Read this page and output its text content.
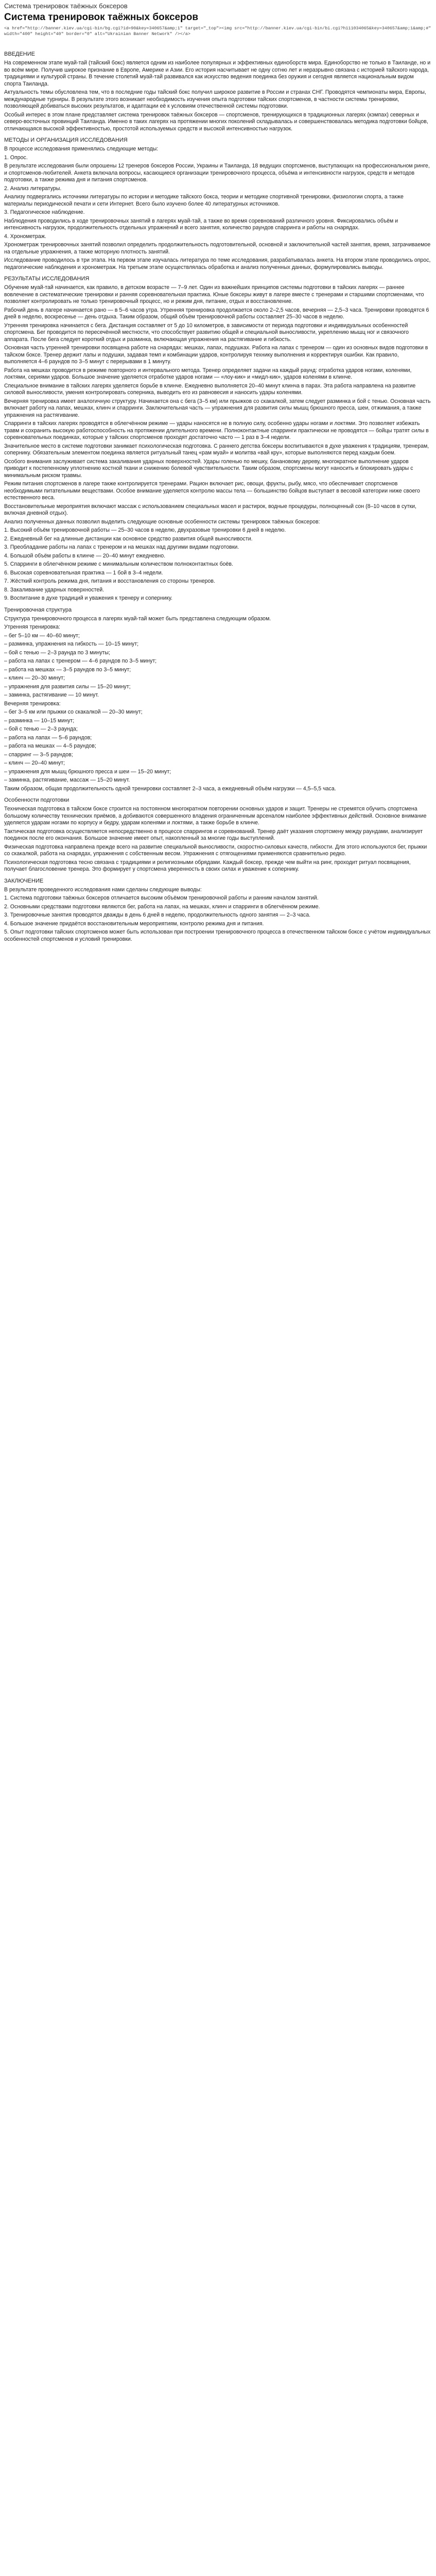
Система тренировок таёжных боксеров
Система тренировок таёжных боксеров
<a href="http://banner.kiev.ua/cgi-bin/bg.cgi?id=90&key=340657&amp;1" target="_top"><img src="http://banner.kiev.ua/cgi-bin/bi.cgi?h111034065&key=340657&amp;1&amp;#" width="400" height="40" border="0" alt="Ukrainian Banner Network" /></a>
ВВЕДЕНИЕ

На современном этапе муай-тай (тайский бокс) является одним из наиболее популярных и эффективных единоборств мира. Единоборство не только в Таиланде, но и во всём мире. Получив широкое признание в Европе, Америке и Азии. Его история насчитывает не одну сотню лет и неразрывно связана с историей тайского народа, традициями и культурой страны. В течение столетий муай-тай развивался как искусство ведения поединка без оружия и сегодня является национальным видом спорта Таиланда.

Актуальность темы обусловлена тем, что в последние годы тайский бокс получил широкое развитие в России и странах СНГ. Проводятся чемпионаты мира, Европы, международные турниры. В результате этого возникает необходимость изучения опыта подготовки тайских спортсменов, в частности системы тренировки, позволяющей добиваться высоких результатов, и адаптации её к условиям отечественной системы подготовки.

Особый интерес в этом плане представляет система тренировок таёжных боксеров — спортсменов, тренирующихся в традиционных лагерях (кэмпах) северных и северо-восточных провинций Таиланда. Именно в таких лагерях на протяжении многих поколений складывалась и совершенствовалась методика подготовки бойцов, отличающаяся высокой эффективностью, простотой используемых средств и высокой интенсивностью нагрузок.

МЕТОДЫ И ОРГАНИЗАЦИЯ ИССЛЕДОВАНИЯ

В процессе исследования применялись следующие методы:

1. Опрос.

В результате исследования были опрошены 12 тренеров боксеров России, Украины и Таиланда, 18 ведущих спортсменов, выступающих на профессиональном ринге, и спортсменов-любителей. Анкета включала вопросы, касающиеся организации тренировочного процесса, объёма и интенсивности нагрузок, средств и методов подготовки, а также режима дня и питания спортсменов.

2. Анализ литературы.

Анализу подвергались источники литературы по истории и методике тайского бокса, теории и методике спортивной тренировки, физиологии спорта, а также материалы периодической печати и сети Интернет. Всего было изучено более 40 литературных источников.

3. Педагогическое наблюдение.

Наблюдения проводились в ходе тренировочных занятий в лагерях муай-тай, а также во время соревнований различного уровня. Фиксировались объём и интенсивность нагрузок, продолжительность отдельных упражнений и всего занятия, количество раундов спарринга и работы на снарядах.

4. Хронометраж.

Хронометраж тренировочных занятий позволил определить продолжительность подготовительной, основной и заключительной частей занятия, время, затрачиваемое на отдельные упражнения, а также моторную плотность занятий.

Исследование проводилось в три этапа. На первом этапе изучалась литература по теме исследования, разрабатывалась анкета. На втором этапе проводились опрос, педагогические наблюдения и хронометраж. На третьем этапе осуществлялась обработка и анализ полученных данных, формулировались выводы.

РЕЗУЛЬТАТЫ ИССЛЕДОВАНИЯ

Обучение муай-тай начинается, как правило, в детском возрасте — 7–9 лет. Один из важнейших принципов системы подготовки в тайских лагерях — раннее вовлечение в систематические тренировки и ранняя соревновательная практика. Юные боксеры живут в лагере вместе с тренерами и старшими спортсменами, что позволяет контролировать не только тренировочный процесс, но и режим дня, питание, отдых и восстановление.

Рабочий день в лагере начинается рано — в 5–6 часов утра. Утренняя тренировка продолжается около 2–2,5 часов, вечерняя — 2,5–3 часа. Тренировки проводятся 6 дней в неделю, воскресенье — день отдыха. Таким образом, общий объём тренировочной работы составляет 25–30 часов в неделю.

Утренняя тренировка начинается с бега. Дистанция составляет от 5 до 10 километров, в зависимости от периода подготовки и индивидуальных особенностей спортсмена. Бег проводится по пересечённой местности, что способствует развитию общей и специальной выносливости, укреплению мышц ног и связочного аппарата. После бега следует короткий отдых и разминка, включающая упражнения на растягивание и гибкость.

Основная часть утренней тренировки посвящена работе на снарядах: мешках, лапах, подушках. Работа на лапах с тренером — один из основных видов подготовки в тайском боксе. Тренер держит лапы и подушки, задавая темп и комбинации ударов, контролируя технику выполнения и корректируя ошибки. Как правило, выполняется 4–6 раундов по 3–5 минут с перерывами в 1 минуту.

Работа на мешках проводится в режиме повторного и интервального метода. Тренер определяет задачи на каждый раунд: отработка ударов ногами, коленями, локтями, сериями ударов. Большое значение уделяется отработке ударов ногами — «лоу-кик» и «мидл-кик», ударов коленями в клинче.

Специальное внимание в тайских лагерях уделяется борьбе в клинче. Ежедневно выполняется 20–40 минут клинча в парах. Эта работа направлена на развитие силовой выносливости, умения контролировать соперника, выводить его из равновесия и наносить удары коленями.

Вечерняя тренировка имеет аналогичную структуру. Начинается она с бега (3–5 км) или прыжков со скакалкой, затем следует разминка и бой с тенью. Основная часть включает работу на лапах, мешках, клинч и спарринги. Заключительная часть — упражнения для развития силы мышц брюшного пресса, шеи, отжимания, а также упражнения на растягивание.

Спарринги в тайских лагерях проводятся в облегчённом режиме — удары наносятся не в полную силу, особенно удары ногами и локтями. Это позволяет избежать травм и сохранить высокую работоспособность на протяжении длительного времени. Полноконтактные спарринги практически не проводятся — бойцы тратят силы в соревновательных поединках, которые у тайских спортсменов проходят достаточно часто — 1 раз в 3–4 недели.

Значительное место в системе подготовки занимает психологическая подготовка. С раннего детства боксеры воспитываются в духе уважения к традициям, тренерам, сопернику. Обязательным элементом поединка является ритуальный танец «рам муай» и молитва «вай кру», которые выполняются перед каждым боем.

Особого внимания заслуживает система закаливания ударных поверхностей. Удары голенью по мешку, банановому дереву, многократное выполнение ударов приводит к постепенному уплотнению костной ткани и снижению болевой чувствительности. Таким образом, спортсмены могут наносить и блокировать удары с минимальным риском травмы.

Режим питания спортсменов в лагере также контролируется тренерами. Рацион включает рис, овощи, фрукты, рыбу, мясо, что обеспечивает спортсменов необходимыми питательными веществами. Особое внимание уделяется контролю массы тела — большинство бойцов выступает в весовой категории ниже своего естественного веса.

Восстановительные мероприятия включают массаж с использованием специальных масел и растирок, водные процедуры, полноценный сон (8–10 часов в сутки, включая дневной отдых).

Анализ полученных данных позволил выделить следующие основные особенности системы тренировок таёжных боксеров:

1. Высокий объём тренировочной работы — 25–30 часов в неделю, двухразовые тренировки 6 дней в неделю.

2. Ежедневный бег на длинные дистанции как основное средство развития общей выносливости.

3. Преобладание работы на лапах с тренером и на мешках над другими видами подготовки.

4. Большой объём работы в клинче — 20–40 минут ежедневно.

5. Спарринги в облегчённом режиме с минимальным количеством полноконтактных боёв.

6. Высокая соревновательная практика — 1 бой в 3–4 недели.

7. Жёсткий контроль режима дня, питания и восстановления со стороны тренеров.

8. Закаливание ударных поверхностей.

9. Воспитание в духе традиций и уважения к тренеру и сопернику.

Тренировочная структура

Структура тренировочного процесса в лагерях муай-тай может быть представлена следующим образом.

Утренняя тренировка:

– бег 5–10 км — 40–60 минут;

– разминка, упражнения на гибкость — 10–15 минут;

– бой с тенью — 2–3 раунда по 3 минуты;

– работа на лапах с тренером — 4–6 раундов по 3–5 минут;

– работа на мешках — 3–5 раундов по 3–5 минут;

– клинч — 20–30 минут;

– упражнения для развития силы — 15–20 минут;

– заминка, растягивание — 10 минут.

Вечерняя тренировка:

– бег 3–5 км или прыжки со скакалкой — 20–30 минут;

– разминка — 10–15 минут;

– бой с тенью — 2–3 раунда;

– работа на лапах — 5–6 раундов;

– работа на мешках — 4–5 раундов;

– спарринг — 3–5 раундов;

– клинч — 20–40 минут;

– упражнения для мышц брюшного пресса и шеи — 15–20 минут;

– заминка, растягивание, массаж — 15–20 минут.

Таким образом, общая продолжительность одной тренировки составляет 2–3 часа, а ежедневный объём нагрузки — 4,5–5,5 часа.

Особенности подготовки

Техническая подготовка в тайском боксе строится на постоянном многократном повторении основных ударов и защит. Тренеры не стремятся обучить спортсмена большому количеству технических приёмов, а добиваются совершенного владения ограниченным арсеналом наиболее эффективных действий. Основное внимание уделяется ударам ногами по корпусу и бедру, ударам коленями и локтями, а также борьбе в клинче.

Тактическая подготовка осуществляется непосредственно в процессе спаррингов и соревнований. Тренер даёт указания спортсмену между раундами, анализирует поединок после его окончания. Большое значение имеет опыт, накопленный за многие годы выступлений.

Физическая подготовка направлена прежде всего на развитие специальной выносливости, скоростно-силовых качеств, гибкости. Для этого используются бег, прыжки со скакалкой, работа на снарядах, упражнения с собственным весом. Упражнения с отягощениями применяются сравнительно редко.

Психологическая подготовка тесно связана с традициями и религиозными обрядами. Каждый боксер, прежде чем выйти на ринг, проходит ритуал посвящения, получает благословение тренера. Это формирует у спортсмена уверенность в своих силах и уважение к сопернику.

ЗАКЛЮЧЕНИЕ

В результате проведенного исследования нами сделаны следующие выводы:

1. Система подготовки таёжных боксеров отличается высоким объёмом тренировочной работы и ранним началом занятий.

2. Основными средствами подготовки являются бег, работа на лапах, на мешках, клинч и спарринги в облегчённом режиме.

3. Тренировочные занятия проводятся дважды в день 6 дней в неделю, продолжительность одного занятия — 2–3 часа.

4. Большое значение придаётся восстановительным мероприятиям, контролю режима дня и питания.

5. Опыт подготовки тайских спортсменов может быть использован при построении тренировочного процесса в отечественном тайском боксе с учётом индивидуальных особенностей спортсменов и условий тренировки.
